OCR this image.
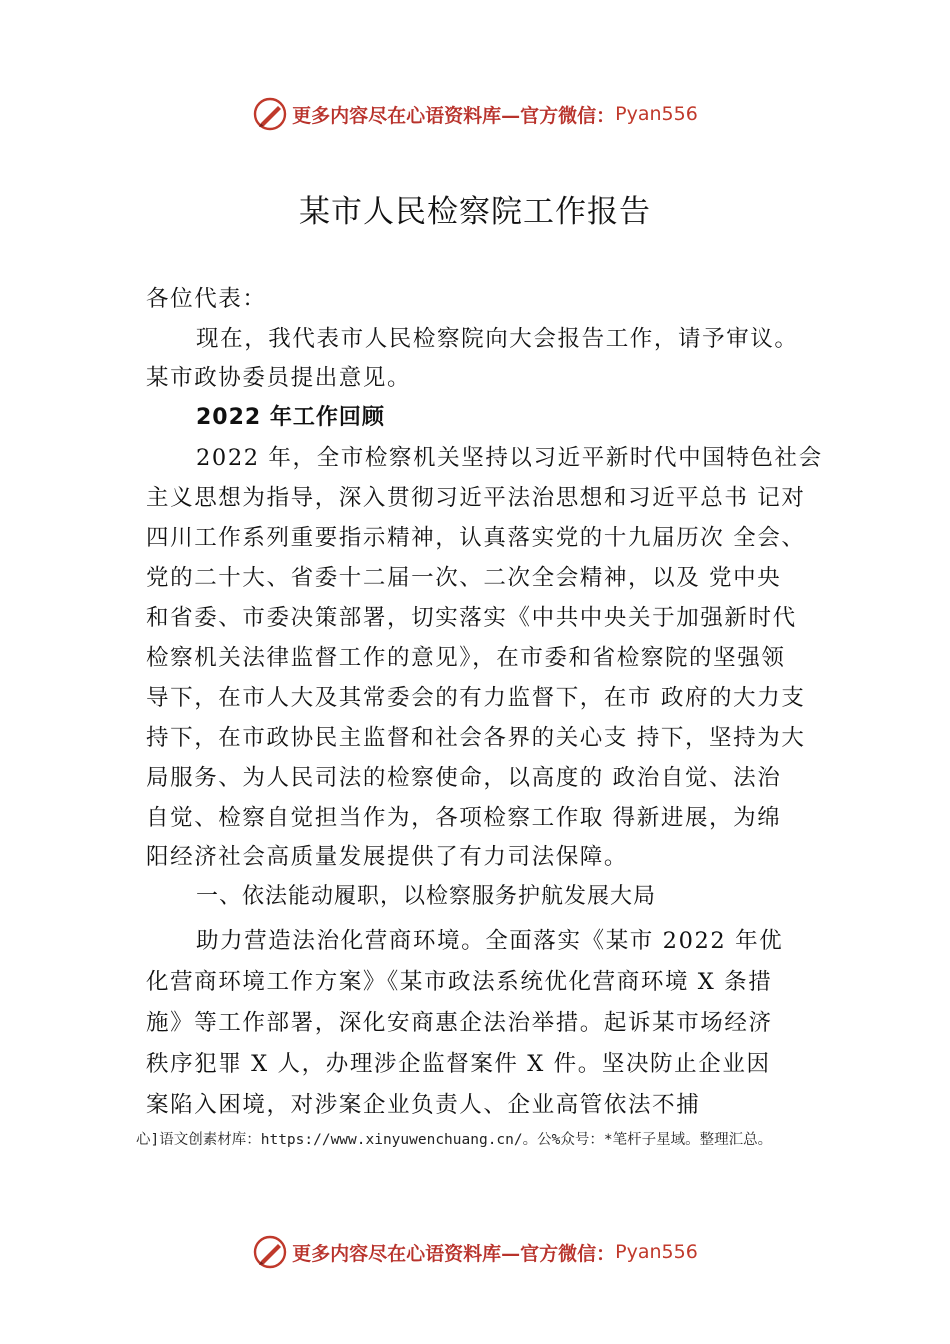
更多内容尽在心语资料库—官方微信： Pyan556
某市人民检察院工作报告

各位代表：

现在，我代表市人民检察院向大会报告工作，请予审议。

某市政协委员提出意见。

2022 年工作回顾

2022 年，全市检察机关坚持以习近平新时代中国特色社会

主义思想为指导，深入贯彻习近平法治思想和习近平总书 记对

四川工作系列重要指示精神，认真落实党的十九届历次 全会、

党的二十大、省委十二届一次、二次全会精神，以及 党中央

和省委、市委决策部署，切实落实《中共中央关于加强新时代

检察机关法律监督工作的意见》，在市委和省检察院的坚强领

导下，在市人大及其常委会的有力监督下，在市 政府的大力支

持下，在市政协民主监督和社会各界的关心支 持下，坚持为大

局服务、为人民司法的检察使命，以高度的 政治自觉、法治

自觉、检察自觉担当作为，各项检察工作取 得新进展，为绵

阳经济社会高质量发展提供了有力司法保障。

一、依法能动履职，以检察服务护航发展大局

助力营造法治化营商环境。全面落实《某市 2022 年优

化营商环境工作方案》《某市政法系统优化营商环境 X 条措

施》等工作部署，深化安商惠企法治举措。起诉某市场经济

秩序犯罪 X 人，办理涉企监督案件 X 件。坚决防止企业因

案陷入困境，对涉案企业负责人、企业高管依法不捕

心]语文创素材库：https://www.xinyuwenchuang.cn/。公%众号：*笔杆子星域。整理汇总。

更多内容尽在心语资料库—官方微信： Pyan556
